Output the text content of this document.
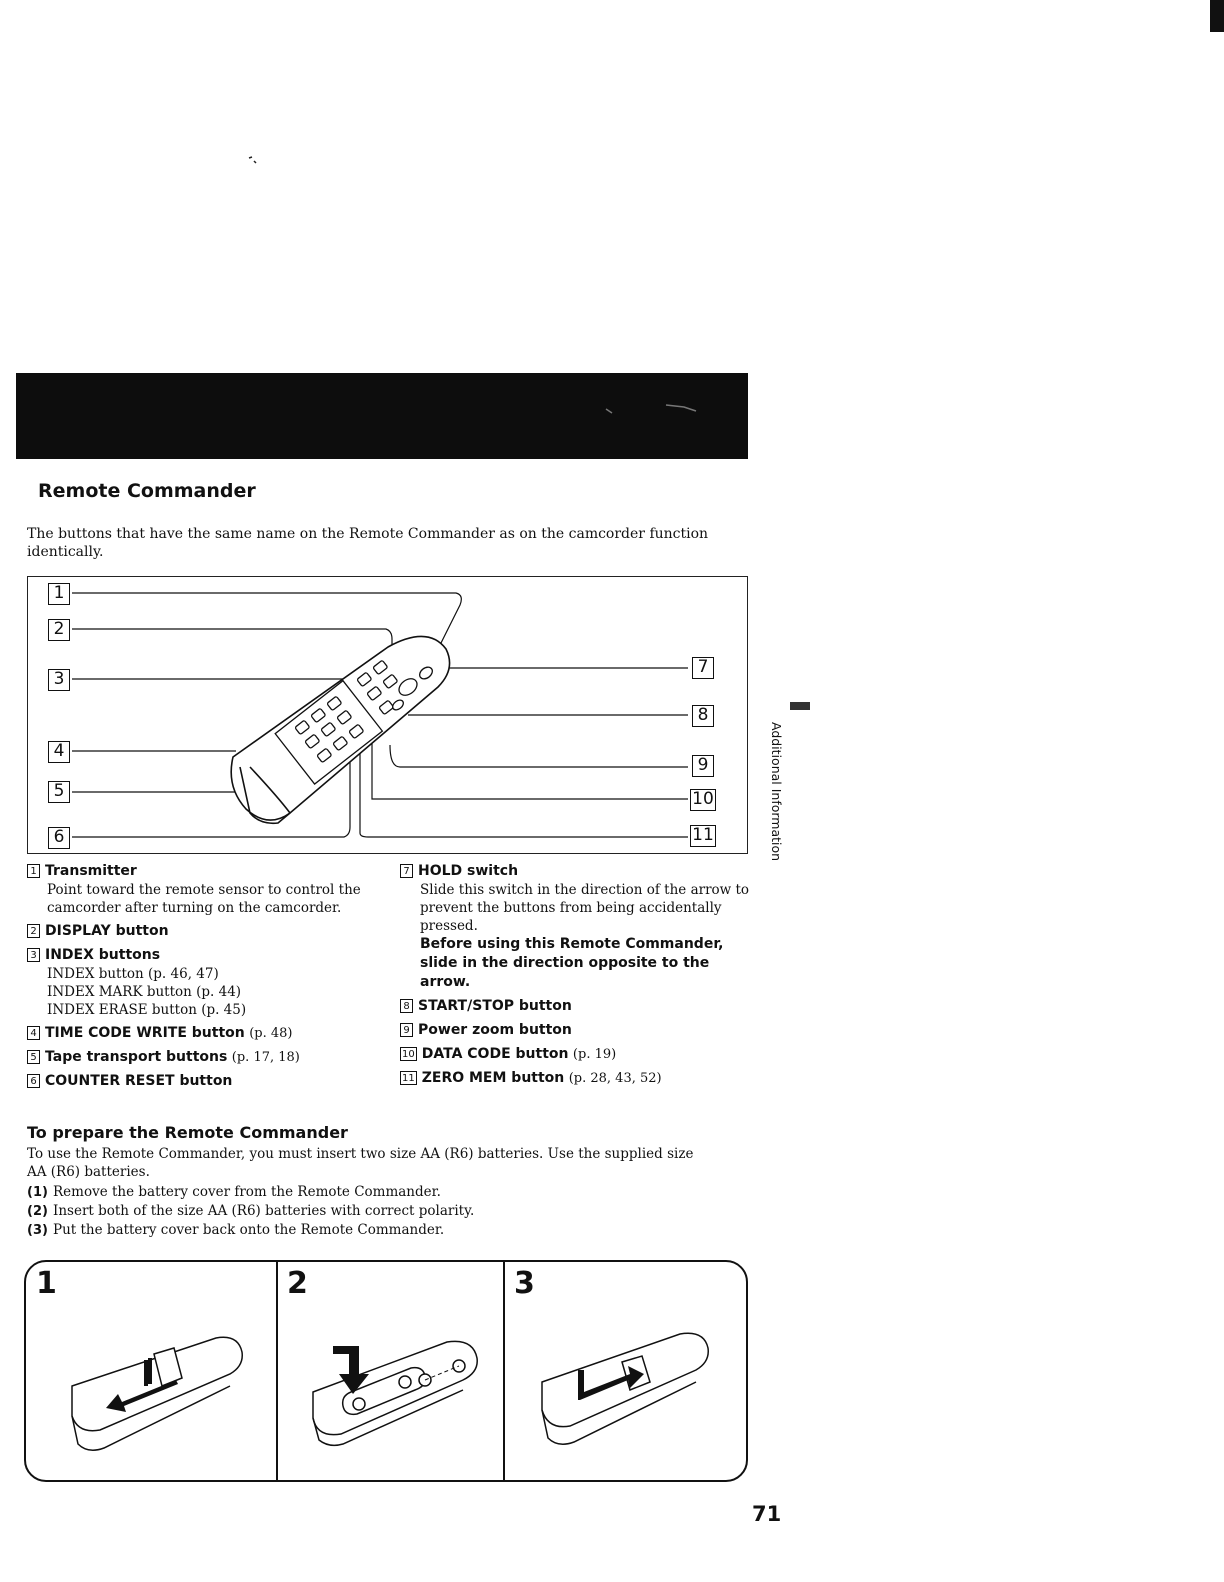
Remote Commander

The buttons that have the same name on the Remote Commander as on the camcorder function identically.

1
2
3
4
5
6
7
8
9
10
11
1 Transmitter
Point toward the remote sensor to control the camcorder after turning on the camcorder.
2 DISPLAY button
3 INDEX buttons
INDEX button (p. 46, 47)
INDEX MARK button (p. 44)
INDEX ERASE button (p. 45)
4 TIME CODE WRITE button (p. 48)
5 Tape transport buttons (p. 17, 18)
6 COUNTER RESET button
7 HOLD switch
Slide this switch in the direction of the arrow to prevent the buttons from being accidentally pressed.
Before using this Remote Commander, slide in the direction opposite to the arrow.
8 START/STOP button
9 Power zoom button
10 DATA CODE button (p. 19)
11 ZERO MEM button (p. 28, 43, 52)
To prepare the Remote Commander

To use the Remote Commander, you must insert two size AA (R6) batteries. Use the supplied size AA (R6) batteries.

(1) Remove the battery cover from the Remote Commander.
(2) Insert both of the size AA (R6) batteries with correct polarity.
(3) Put the battery cover back onto the Remote Commander.
1	2	3
Additional Information
71
